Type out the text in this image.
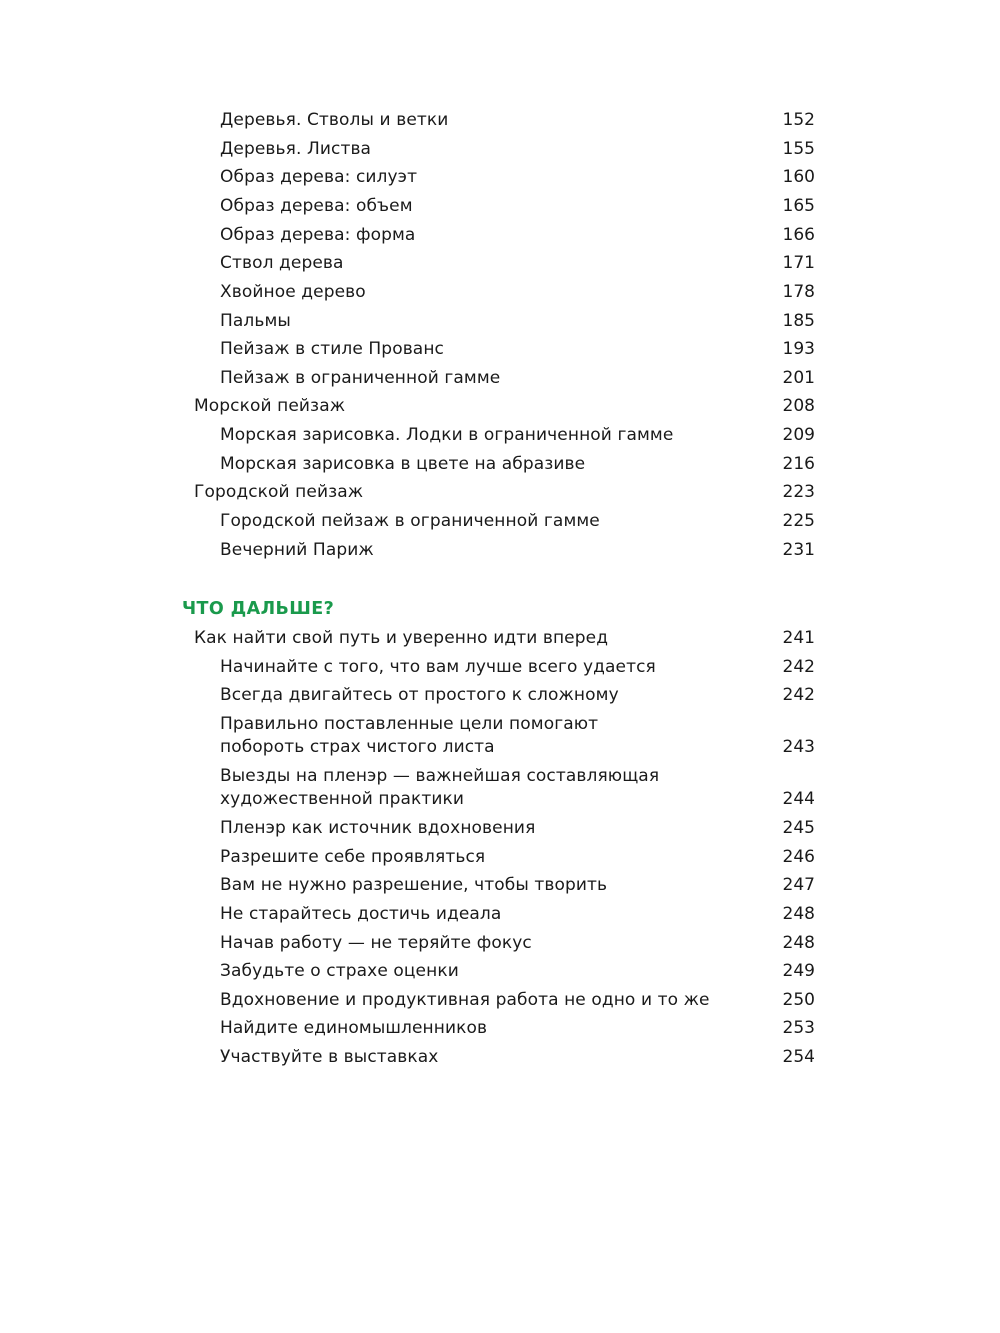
Деревья. Стволы и ветки	152
Деревья. Листва	155
Образ дерева: силуэт	160
Образ дерева: объем	165
Образ дерева: форма	166
Ствол дерева	171
Хвойное дерево	178
Пальмы	185
Пейзаж в стиле Прованс	193
Пейзаж в ограниченной гамме	201
Морской пейзаж	208
Морская зарисовка. Лодки в ограниченной гамме	209
Морская зарисовка в цвете на абразиве	216
Городской пейзаж	223
Городской пейзаж в ограниченной гамме	225
Вечерний Париж	231
ЧТО ДАЛЬШЕ?
Как найти свой путь и уверенно идти вперед	241
Начинайте с того, что вам лучше всего удается	242
Всегда двигайтесь от простого к сложному	242
Правильно поставленные цели помогают
побороть страх чистого листа	243
Выезды на пленэр — важнейшая составляющая
художественной практики	244
Пленэр как источник вдохновения	245
Разрешите себе проявляться	246
Вам не нужно разрешение, чтобы творить	247
Не старайтесь достичь идеала	248
Начав работу — не теряйте фокус	248
Забудьте о страхе оценки	249
Вдохновение и продуктивная работа не одно и то же	250
Найдите единомышленников	253
Участвуйте в выставках	254
